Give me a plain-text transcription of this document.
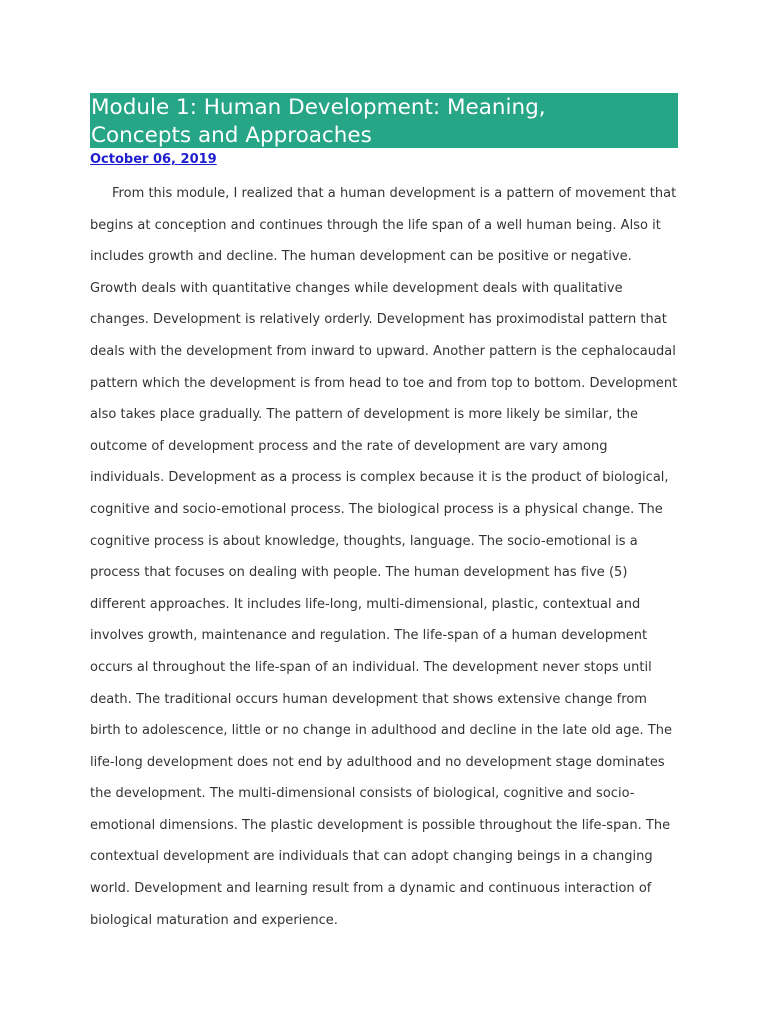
Module 1: Human Development: Meaning,
Concepts and Approaches
October 06, 2019

From this module, I realized that a human development is a pattern of movement that begins at conception and continues through the life span of a well human being. Also it includes growth and decline. The human development can be positive or negative. Growth deals with quantitative changes while development deals with qualitative changes. Development is relatively orderly. Development has proximodistal pattern that deals with the development from inward to upward. Another pattern is the cephalocaudal pattern which the development is from head to toe and from top to bottom. Development also takes place gradually. The pattern of development is more likely be similar, the outcome of development process and the rate of development are vary among individuals. Development as a process is complex because it is the product of biological, cognitive and socio-emotional process. The biological process is a physical change. The cognitive process is about knowledge, thoughts, language. The socio-emotional is a process that focuses on dealing with people. The human development has five (5) different approaches. It includes life-long, multi-dimensional, plastic, contextual and involves growth, maintenance and regulation. The life-span of a human development occurs al throughout the life-span of an individual. The development never stops until death. The traditional occurs human development that shows extensive change from birth to adolescence, little or no change in adulthood and decline in the late old age. The life-long development does not end by adulthood and no development stage dominates the development. The multi-dimensional consists of biological, cognitive and socio-emotional dimensions. The plastic development is possible throughout the life-span. The contextual development are individuals that can adopt changing beings in a changing world. Development and learning result from a dynamic and continuous interaction of biological maturation and experience.
